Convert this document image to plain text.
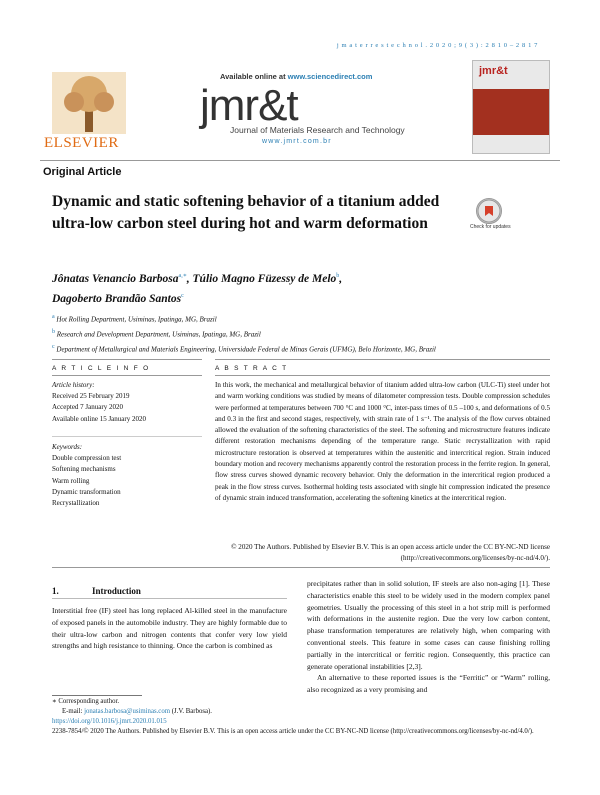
j m a t e r r e s t e c h n o l . 2 0 2 0 ; 9 ( 3 ) : 2 8 1 0 – 2 8 1 7
ELSEVIER
Available online at www.sciencedirect.com
jmr&t
Journal of Materials Research and Technology
www.jmrt.com.br
jmr&t
Original Article
Dynamic and static softening behavior of a titanium added ultra-low carbon steel during hot and warm deformation	Check for updates
Jônatas Venancio Barbosa$^{a,∗}$, Túlio Magno Füzessy de Melo$^b$,
Dagoberto Brandão Santos$^c$
$^a$ Hot Rolling Department, Usiminas, Ipatinga, MG, Brazil
$^b$ Research and Development Department, Usiminas, Ipatinga, MG, Brazil
$^c$ Department of Metallurgical and Materials Engineering, Universidade Federal de Minas Gerais (UFMG), Belo Horizonte, MG, Brazil
A R T I C L E I N F O	A B S T R A C T
Article history:
Received 25 February 2019
Accepted 7 January 2020
Available online 15 January 2020
Keywords:
Double compression test
Softening mechanisms
Warm rolling
Dynamic transformation
Recrystallization
In this work, the mechanical and metallurgical behavior of titanium added ultra-low carbon (ULC-Ti) steel under hot and warm working conditions was studied by means of dilatometer compression tests. Double compression schedules were performed at temperatures between 700 °C and 1000 °C, inter-pass times of 0.5 –100 s, and deformations of 0.5 and 0.3 in the first and second stages, respectively, with strain rate of 1 s⁻¹. The analysis of the flow curves obtained allowed the evaluation of the softening characteristics of the steel. The softening and microstructure features indicate different restoration mechanisms depending of the temperature range. Static recrystallization with rapid microstructure restoration is observed at temperatures within the austenitic and intercritical region. Strain induced boundary motion and recovery mechanisms apparently control the restoration process in the ferrite region. In general, flow stress curves showed dynamic recovery behavior. Only the deformation in the intercritical region produced a peak in the flow stress curves. Isothermal holding tests associated with single hit compression indicated the presence of dynamic strain induced transformation, accelerating the softening kinetics at the intercritical region.
© 2020 The Authors. Published by Elsevier B.V. This is an open access article under the CC BY-NC-ND license (http://creativecommons.org/licenses/by-nc-nd/4.0/).
1.	Introduction
Interstitial free (IF) steel has long replaced Al-killed steel in the manufacture of exposed panels in the automobile industry. They are highly formable due to their ultra-low carbon and nitrogen contents that confer very low yield strengths and high resistance to thinning. Once the carbon is combined as
precipitates rather than in solid solution, IF steels are also non-aging [1]. These characteristics enable this steel to be widely used in the modern complex panel geometries. Usually the processing of this steel in a hot strip mill is performed with deformations in the austenite region. Due the very low carbon content, phase transformation temperatures are relatively high, when comparing with conventional steels. This feature in some cases can cause finishing rolling partially in the intercritical or ferritic region. Consequently, this practice can generate operational instabilities [2,3].
An alternative to these reported issues is the “Ferritic” or “Warm” rolling, also recognized as a very promising and
∗ Corresponding author.
E-mail: jonatas.barbosa@usiminas.com (J.V. Barbosa).
https://doi.org/10.1016/j.jmrt.2020.01.015
2238-7854/© 2020 The Authors. Published by Elsevier B.V. This is an open access article under the CC BY-NC-ND license (http://creativecommons.org/licenses/by-nc-nd/4.0/).
